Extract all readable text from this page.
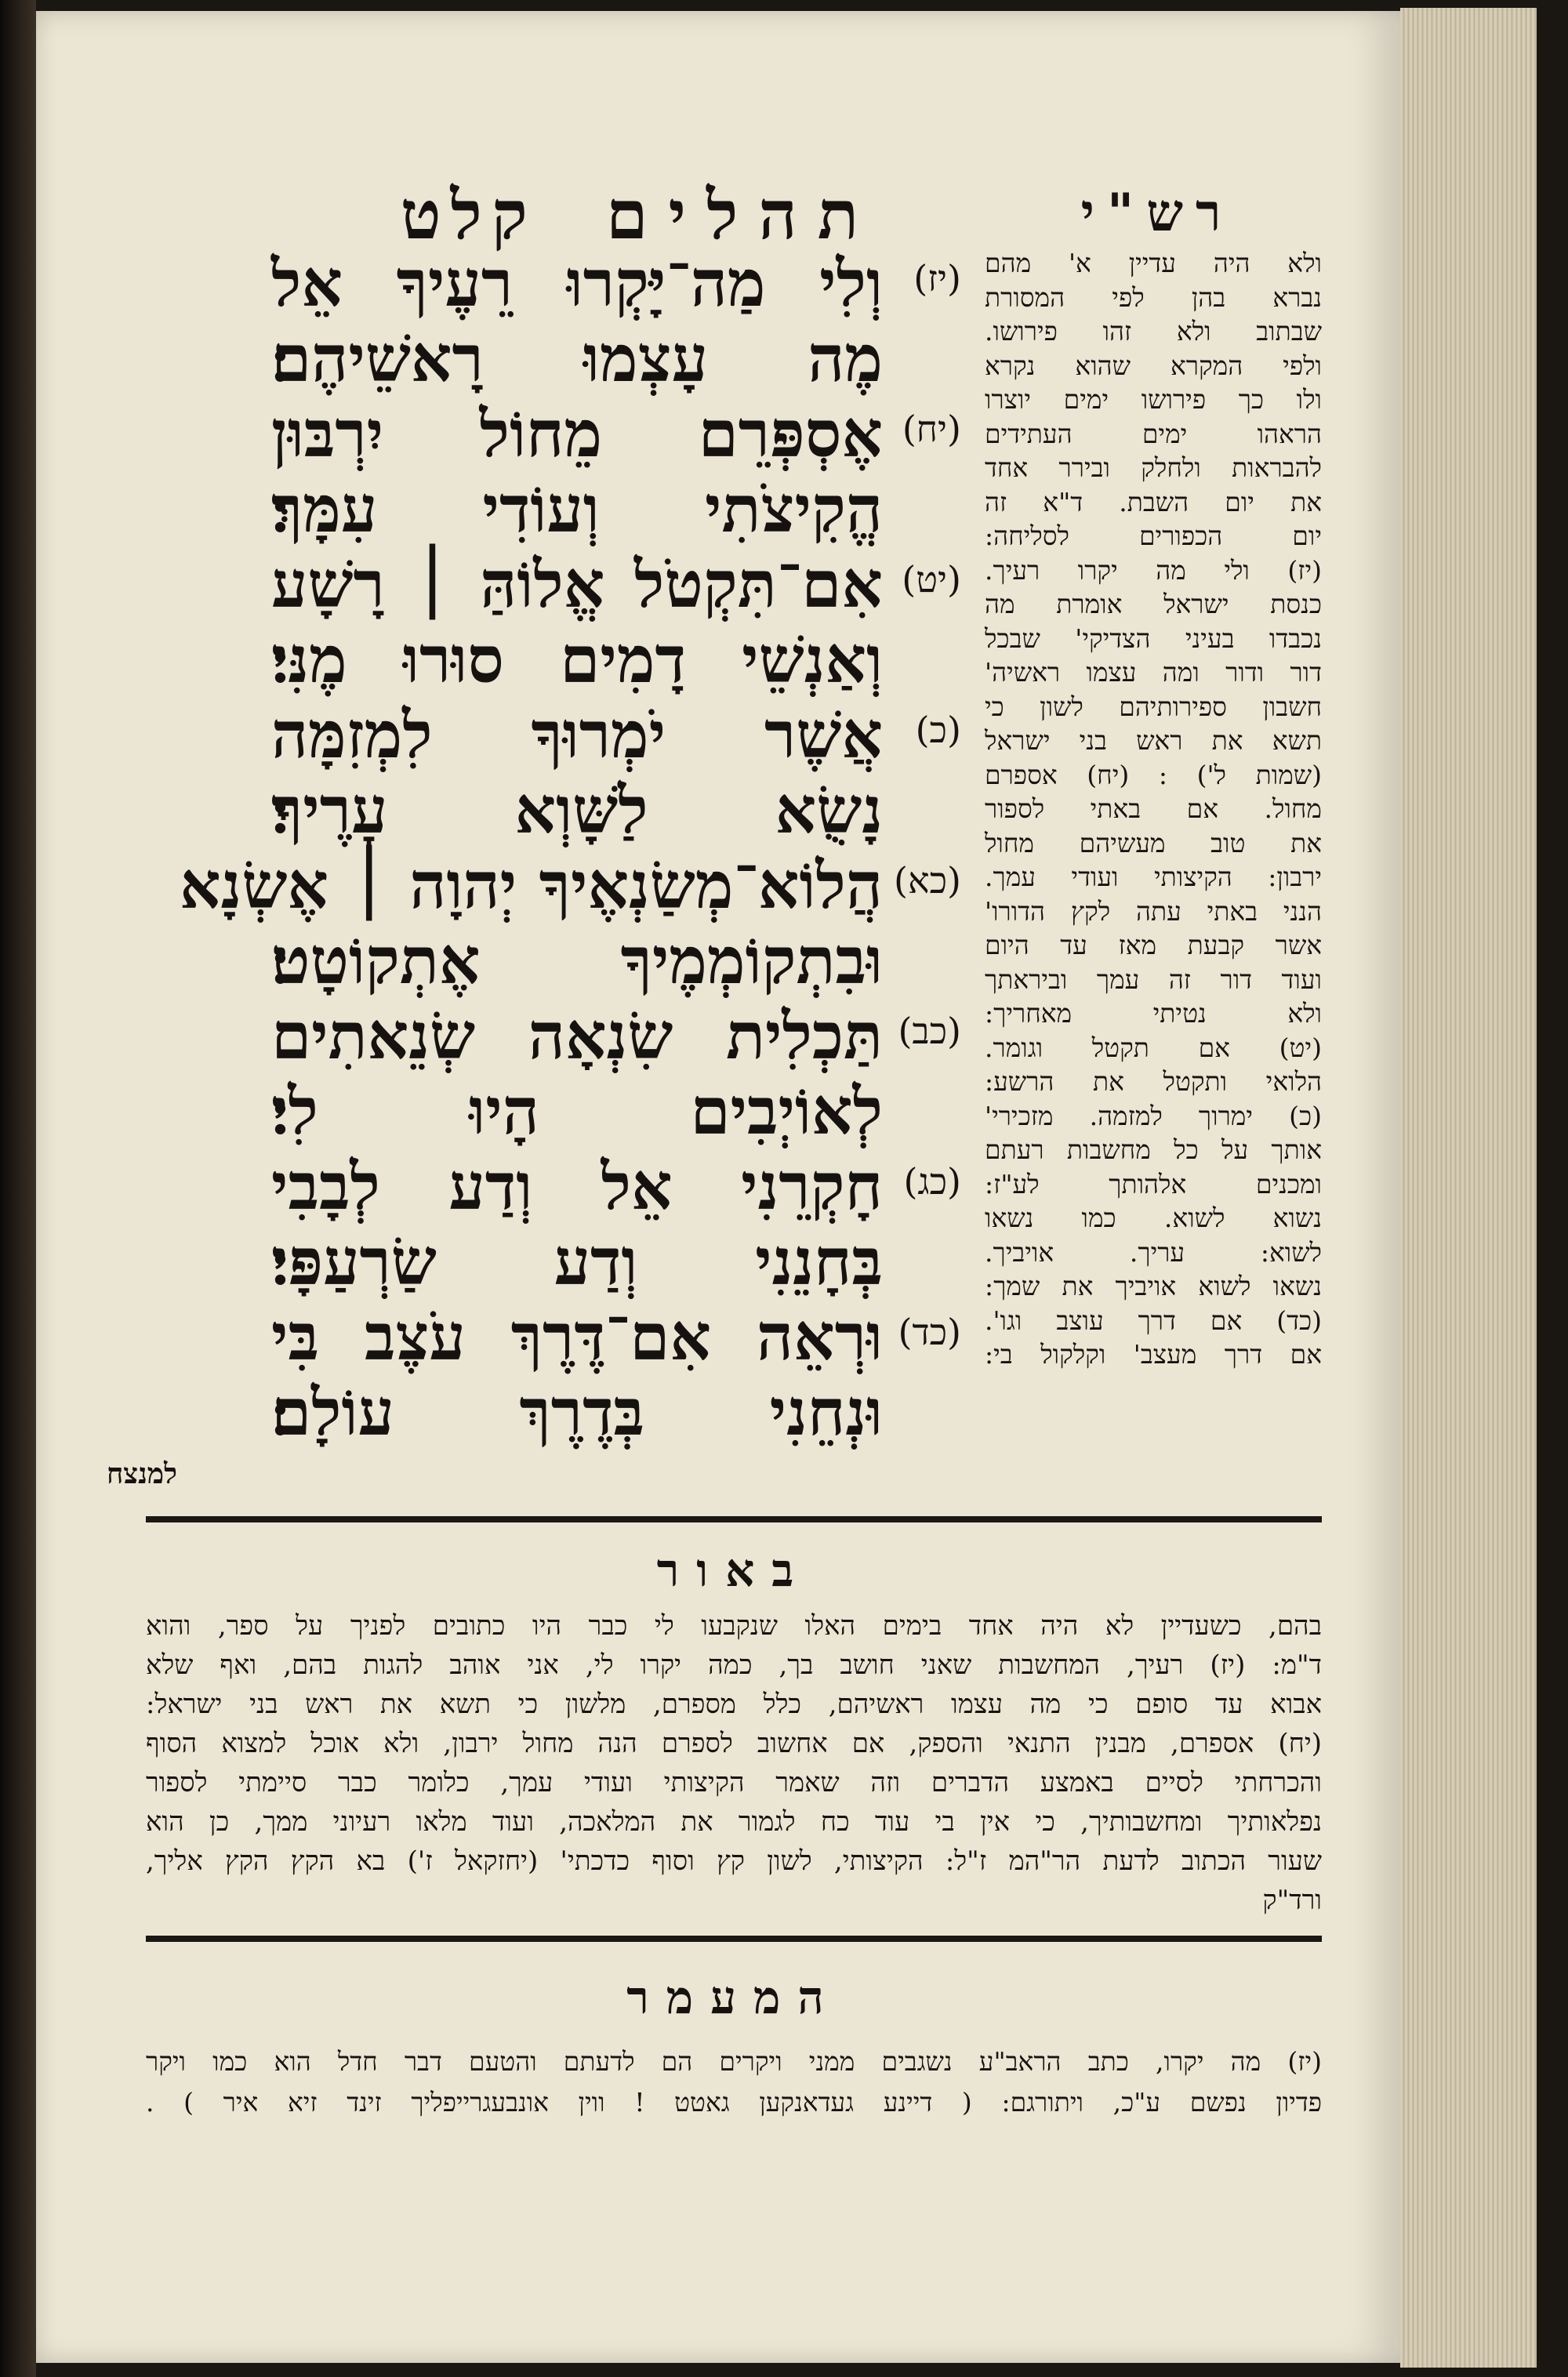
תהלים קלט	רש"י
(יז)
וְלִי מַה־יָּקְרוּ רֵעֶיךָ אֵל
מֶה עָצְמוּ רָאשֵׁיהֶם׃
(יח)
אֶסְפְּרֵם מֵחוֹל יִרְבּוּן
הֱקִיצֹתִי וְעוֹדִי עִמָּךְ׃
(יט)
אִם־תִּקְטֹל אֱלוֹהַּ ׀ רָשָׁע
וְאַנְשֵׁי דָמִים סוּרוּ מֶנִּי׃
(כ)
אֲשֶׁר יֹמְרוּךָ לִמְזִמָּה
נָשֻׂא לַשָּׁוְא עָרֶיךָ׃
(כא)
הֲלוֹא־מְשַׂנְאֶיךָ יְהוָה ׀ אֶשְׂנָא
וּבִתְקוֹמְמֶיךָ אֶתְקוֹטָט׃
(כב)
תַּכְלִית שִׂנְאָה שְׂנֵאתִים
לְאוֹיְבִים הָיוּ לִי׃
(כג)
חָקְרֵנִי אֵל וְדַע לְבָבִי
בְּחָנֵנִי וְדַע שַׂרְעַפָּי׃
(כד)
וּרְאֵה אִם־דֶּרֶךְ עֹצֶב בִּי
וּנְחֵנִי בְּדֶרֶךְ עוֹלָם׃
למנצח
ולא היה עדיין א' מהם
נברא בהן לפי המסורת
שבתוב ולא זהו פירושו.
ולפי המקרא שהוא נקרא
ולו כך פירושו ימים יוצרו
הראהו ימים העתידים
להבראות ולחלק ובירר אחד
את יום השבת. ד"א זה
יום הכפורים לסליחה:
(יז) ולי מה יקרו רעיך.
כנסת ישראל אומרת מה
נכבדו בעיני הצדיקי' שבכל
דור ודור ומה עצמו ראשיה'
חשבון ספירותיהם לשון כי
תשא את ראש בני ישראל
(שמות ל') : (יח) אספרם
מחול. אם באתי לספור
את טוב מעשיהם מחול
ירבון: הקיצותי ועודי עמך.
הנני באתי עתה לקץ הדורו'
אשר קבעת מאז עד היום
ועוד דור זה עמך וביראתך
ולא נטיתי מאחריך:
(יט) אם תקטל וגומר.
הלואי ותקטל את הרשע:
(כ) ימרוך למזמה. מזכירי'
אותך על כל מחשבות רעתם
ומכנים אלהותך לע"ז:
נשוא לשוא. כמו נשאו
לשוא: עריך. אויביך.
נשאו לשוא אויביך את שמך:
(כד) אם דרך עוצב וגו'.
אם דרך מעצב' וקלקול בי:
באור
בהם, כשעדיין לא היה אחד בימים האלו שנקבעו לי כבר היו כתובים לפניך על ספר, והוא
ד"מ: (יז) רעיך, המחשבות שאני חושב בך, כמה יקרו לי, אני אוהב להגות בהם, ואף שלא
אבוא עד סופם כי מה עצמו ראשיהם, כלל מספרם, מלשון כי תשא את ראש בני ישראל:
(יח) אספרם, מבנין התנאי והספק, אם אחשוב לספרם הנה מחול ירבון, ולא אוכל למצוא הסוף
והכרחתי לסיים באמצע הדברים וזה שאמר הקיצותי ועודי עמך, כלומר כבר סיימתי לספור
נפלאותיך ומחשבותיך, כי אין בי עוד כח לגמור את המלאכה, ועוד מלאו רעיוני ממך, כן הוא
שעור הכתוב לדעת הר"המ ז"ל: הקיצותי, לשון קץ וסוף כדכתי' (יחזקאל ז') בא הקץ הקץ אליך,
ורד"ק
המעמר
(יז) מה יקרו, כתב הראב"ע נשגבים ממני ויקרים הם לדעתם והטעם דבר חדל הוא כמו ויקר
פדיון נפשם ע"כ, ויתורגם: ( דיינע געדאנקען גאטט ! ווין אונבעגרייפליך זינד זיא איר ) .
